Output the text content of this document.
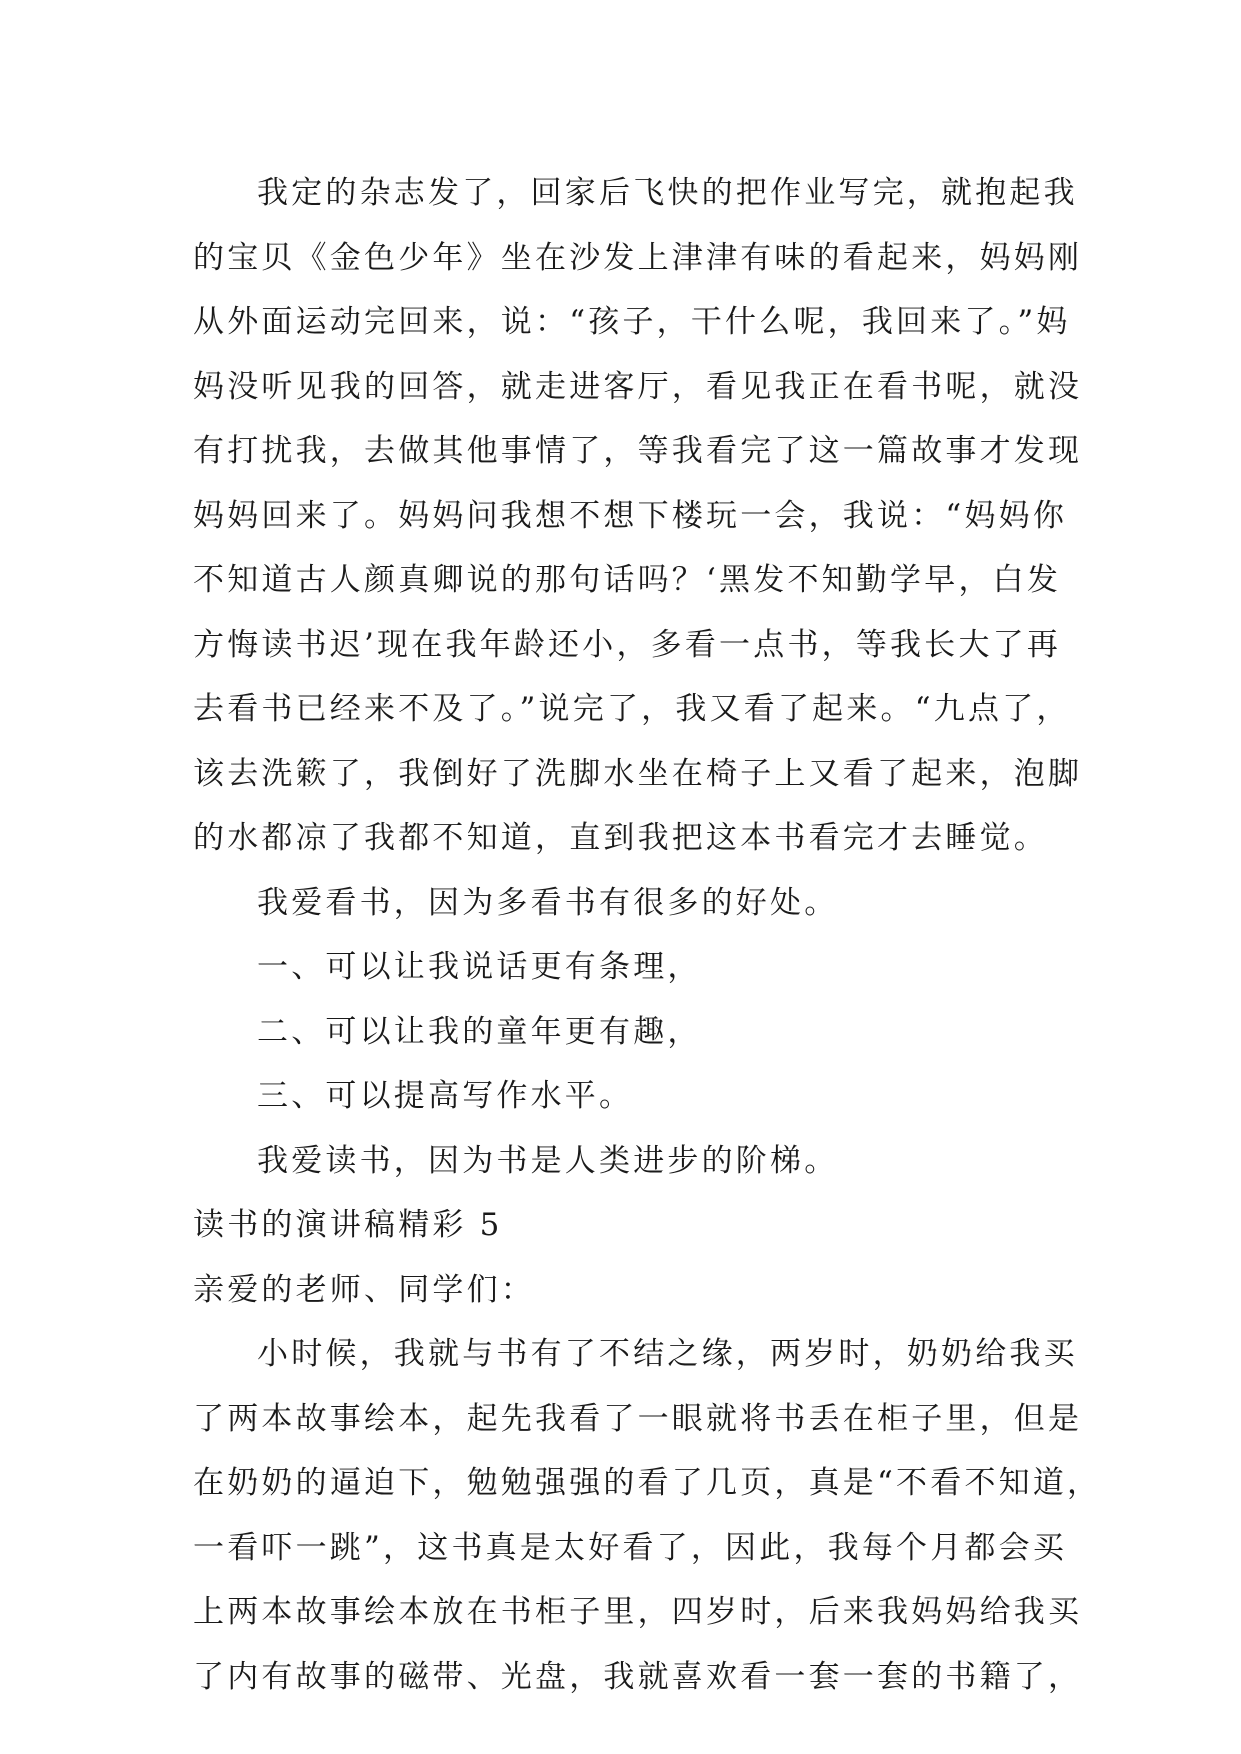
我定的杂志发了，回家后飞快的把作业写完，就抱起我
的宝贝《金色少年》坐在沙发上津津有味的看起来，妈妈刚
从外面运动完回来，说：“孩子，干什么呢，我回来了。”妈
妈没听见我的回答，就走进客厅，看见我正在看书呢，就没
有打扰我，去做其他事情了，等我看完了这一篇故事才发现
妈妈回来了。妈妈问我想不想下楼玩一会，我说：“妈妈你
不知道古人颜真卿说的那句话吗？‘黑发不知勤学早，白发
方悔读书迟’现在我年龄还小，多看一点书，等我长大了再
去看书已经来不及了。”说完了，我又看了起来。“九点了，
该去洗簌了，我倒好了洗脚水坐在椅子上又看了起来，泡脚
的水都凉了我都不知道，直到我把这本书看完才去睡觉。
我爱看书，因为多看书有很多的好处。
一、可以让我说话更有条理，
二、可以让我的童年更有趣，
三、可以提高写作水平。
我爱读书，因为书是人类进步的阶梯。
读书的演讲稿精彩 5
亲爱的老师、同学们：
小时候，我就与书有了不结之缘，两岁时，奶奶给我买
了两本故事绘本，起先我看了一眼就将书丢在柜子里，但是
在奶奶的逼迫下，勉勉强强的看了几页，真是“不看不知道，
一看吓一跳”，这书真是太好看了，因此，我每个月都会买
上两本故事绘本放在书柜子里，四岁时，后来我妈妈给我买
了内有故事的磁带、光盘，我就喜欢看一套一套的书籍了，
